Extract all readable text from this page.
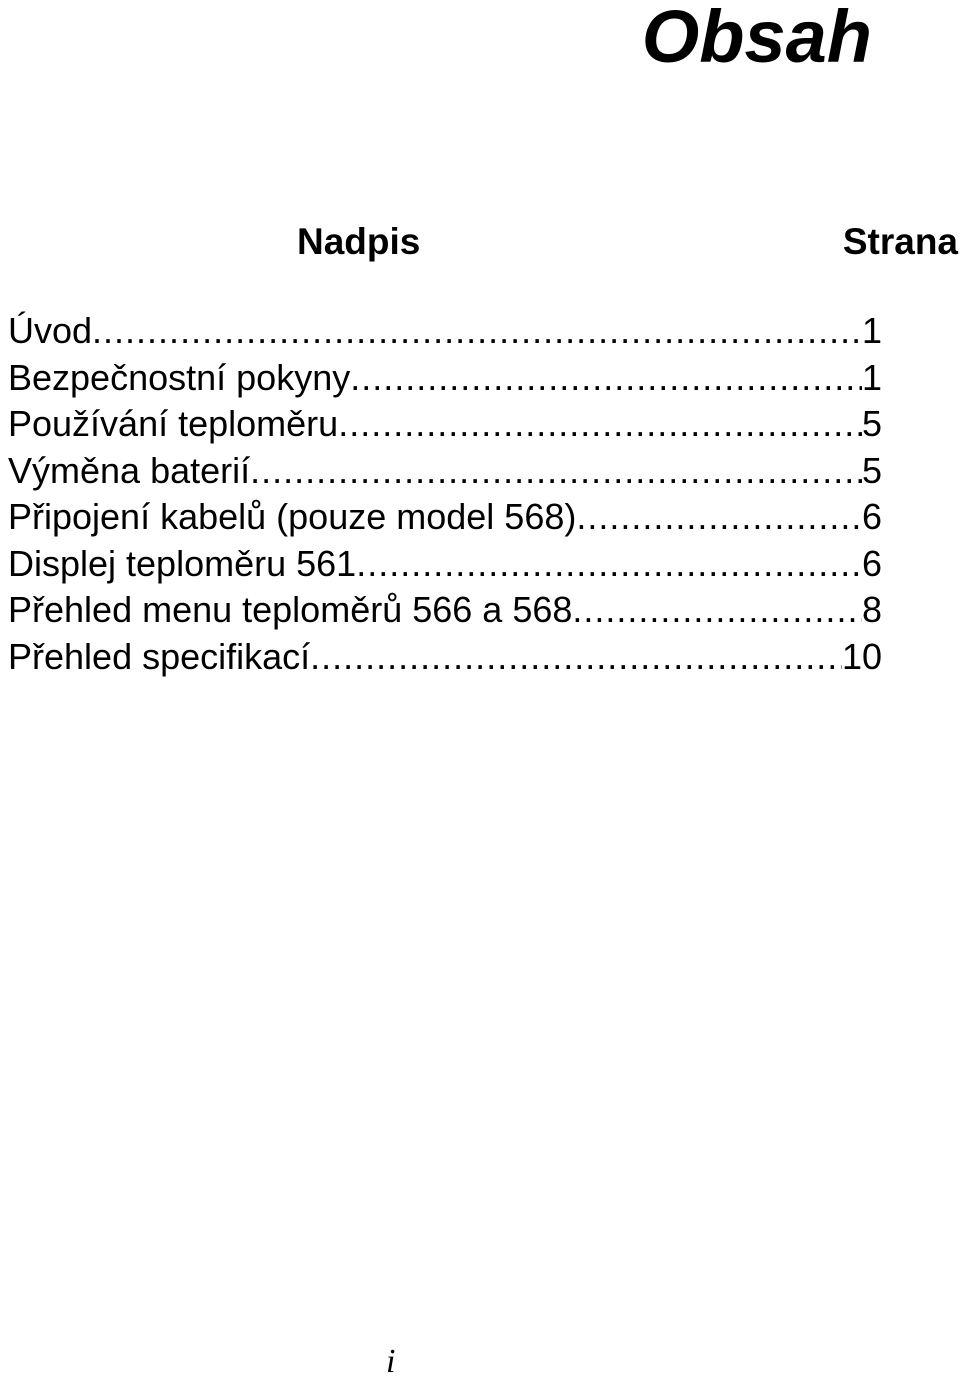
Obsah
Nadpis	Strana
Úvod .....	1
Bezpečnostní pokyny .....	1
Používání teploměru .....	5
Výměna baterií .....	5
Připojení kabelů (pouze model 568) .....	6
Displej teploměru 561 .....	6
Přehled menu teploměrů 566 a 568 .....	8
Přehled specifikací .....	10

i
